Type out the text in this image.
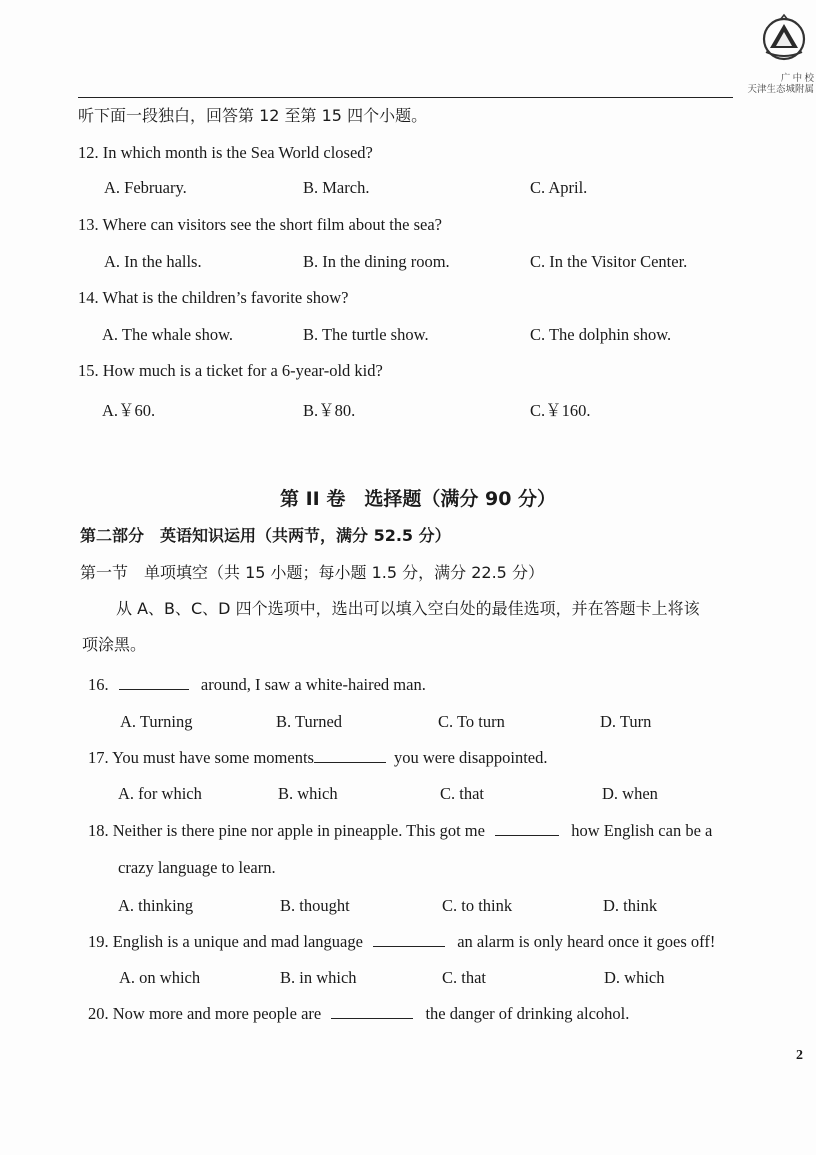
广 中 校
天津生态城附属
听下面一段独白，回答第 12 至第 15 四个小题。
12. In which month is the Sea World closed?
A. February.	B. March.	C. April.
13. Where can visitors see the short film about the sea?
A. In the halls.	B. In the dining room.	C. In the Visitor Center.
14. What is the children’s favorite show?
A. The whale show.	B. The turtle show.	C. The dolphin show.
15. How much is a ticket for a 6-year-old kid?
A.￥60.	B.￥80.	C.￥160.
第 II 卷　选择题（满分 90 分）
第二部分　英语知识运用（共两节，满分 52.5 分）
第一节　单项填空（共 15 小题；每小题 1.5 分，满分 22.5 分）
从 A、B、C、D 四个选项中，选出可以填入空白处的最佳选项，并在答题卡上将该
项涂黑。
16.	around, I saw a white-haired man.
A. Turning	B. Turned	C. To turn	D. Turn
17. You must have some moments	you were disappointed.
A. for which	B. which	C. that	D. when
18. Neither is there pine nor apple in pineapple. This got me	how English can be a
crazy language to learn.
A. thinking	B. thought	C. to think	D. think
19. English is a unique and mad language	an alarm is only heard once it goes off!
A. on which	B. in which	C. that	D. which
20. Now more and more people are	the danger of drinking alcohol.
2
